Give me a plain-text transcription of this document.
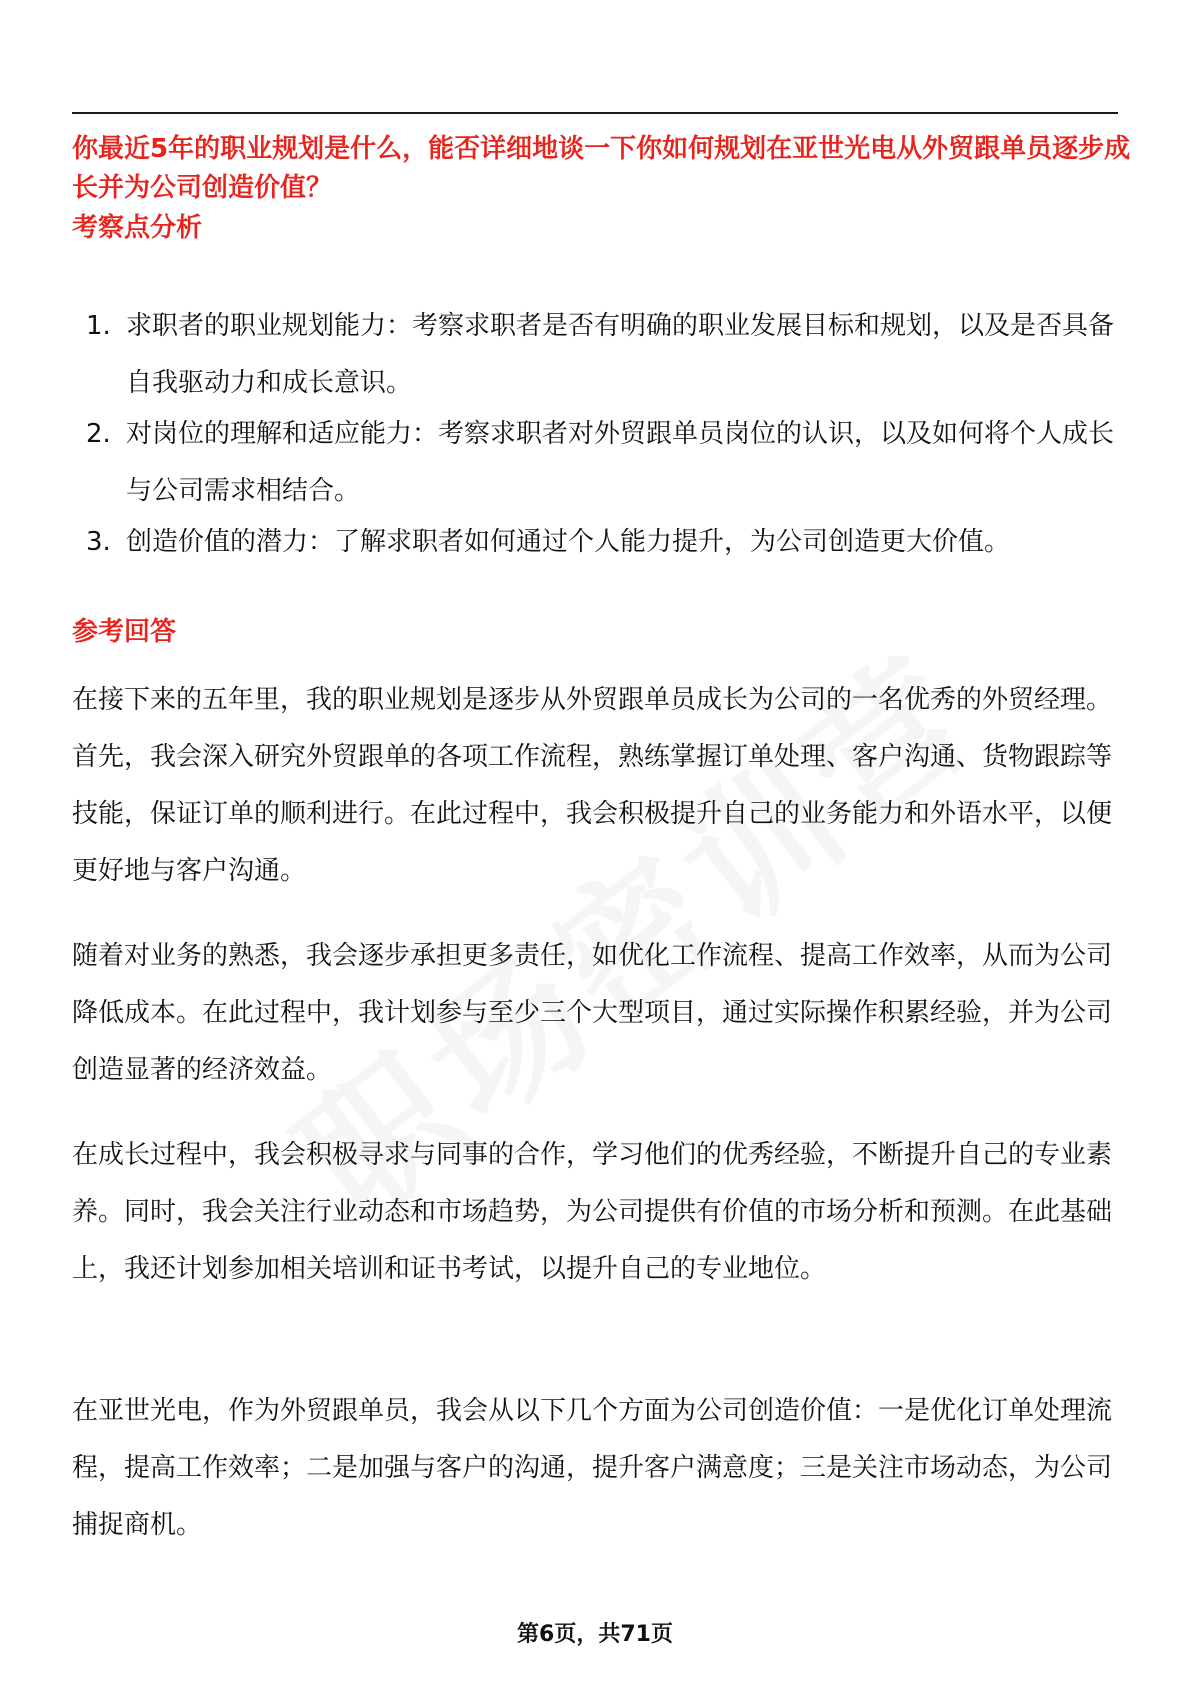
你最近5年的职业规划是什么，能否详细地谈一下你如何规划在亚世光电从外贸跟单员逐步成长并为公司创造价值？

考察点分析
1. 求职者的职业规划能力：考察求职者是否有明确的职业发展目标和规划，以及是否具备自我驱动力和成长意识。
2. 对岗位的理解和适应能力：考察求职者对外贸跟单员岗位的认识，以及如何将个人成长与公司需求相结合。
3. 创造价值的潜力：了解求职者如何通过个人能力提升，为公司创造更大价值。
参考回答

在接下来的五年里，我的职业规划是逐步从外贸跟单员成长为公司的一名优秀的外贸经理。首先，我会深入研究外贸跟单的各项工作流程，熟练掌握订单处理、客户沟通、货物跟踪等技能，保证订单的顺利进行。在此过程中，我会积极提升自己的业务能力和外语水平，以便更好地与客户沟通。

随着对业务的熟悉，我会逐步承担更多责任，如优化工作流程、提高工作效率，从而为公司降低成本。在此过程中，我计划参与至少三个大型项目，通过实际操作积累经验，并为公司创造显著的经济效益。

在成长过程中，我会积极寻求与同事的合作，学习他们的优秀经验，不断提升自己的专业素养。同时，我会关注行业动态和市场趋势，为公司提供有价值的市场分析和预测。在此基础上，我还计划参加相关培训和证书考试，以提升自己的专业地位。

在亚世光电，作为外贸跟单员，我会从以下几个方面为公司创造价值：一是优化订单处理流程，提高工作效率；二是加强与客户的沟通，提升客户满意度；三是关注市场动态，为公司捕捉商机。

第6页，共71页
